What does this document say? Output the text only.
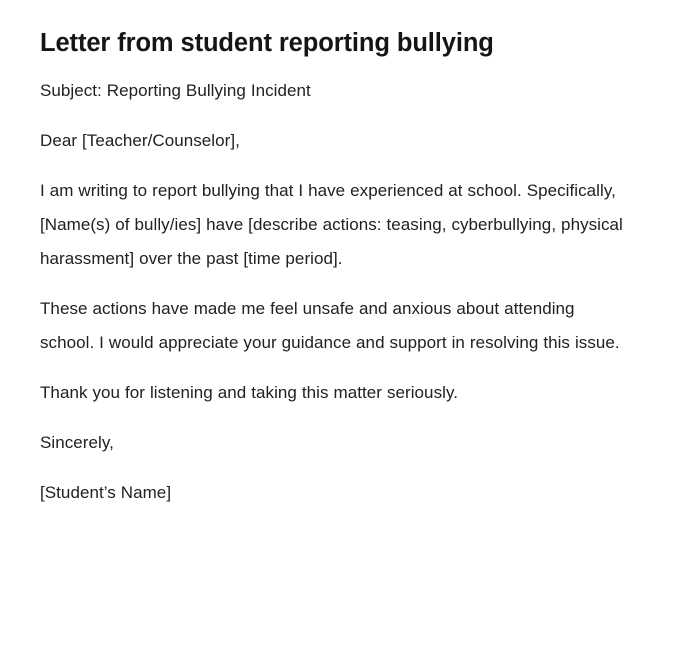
Letter from student reporting bullying

Subject: Reporting Bullying Incident

Dear [Teacher/Counselor],

I am writing to report bullying that I have experienced at school. Specifically, [Name(s) of bully/ies] have [describe actions: teasing, cyberbullying, physical harassment] over the past [time period].

These actions have made me feel unsafe and anxious about attending school. I would appreciate your guidance and support in resolving this issue.

Thank you for listening and taking this matter seriously.

Sincerely,

[Student’s Name]
